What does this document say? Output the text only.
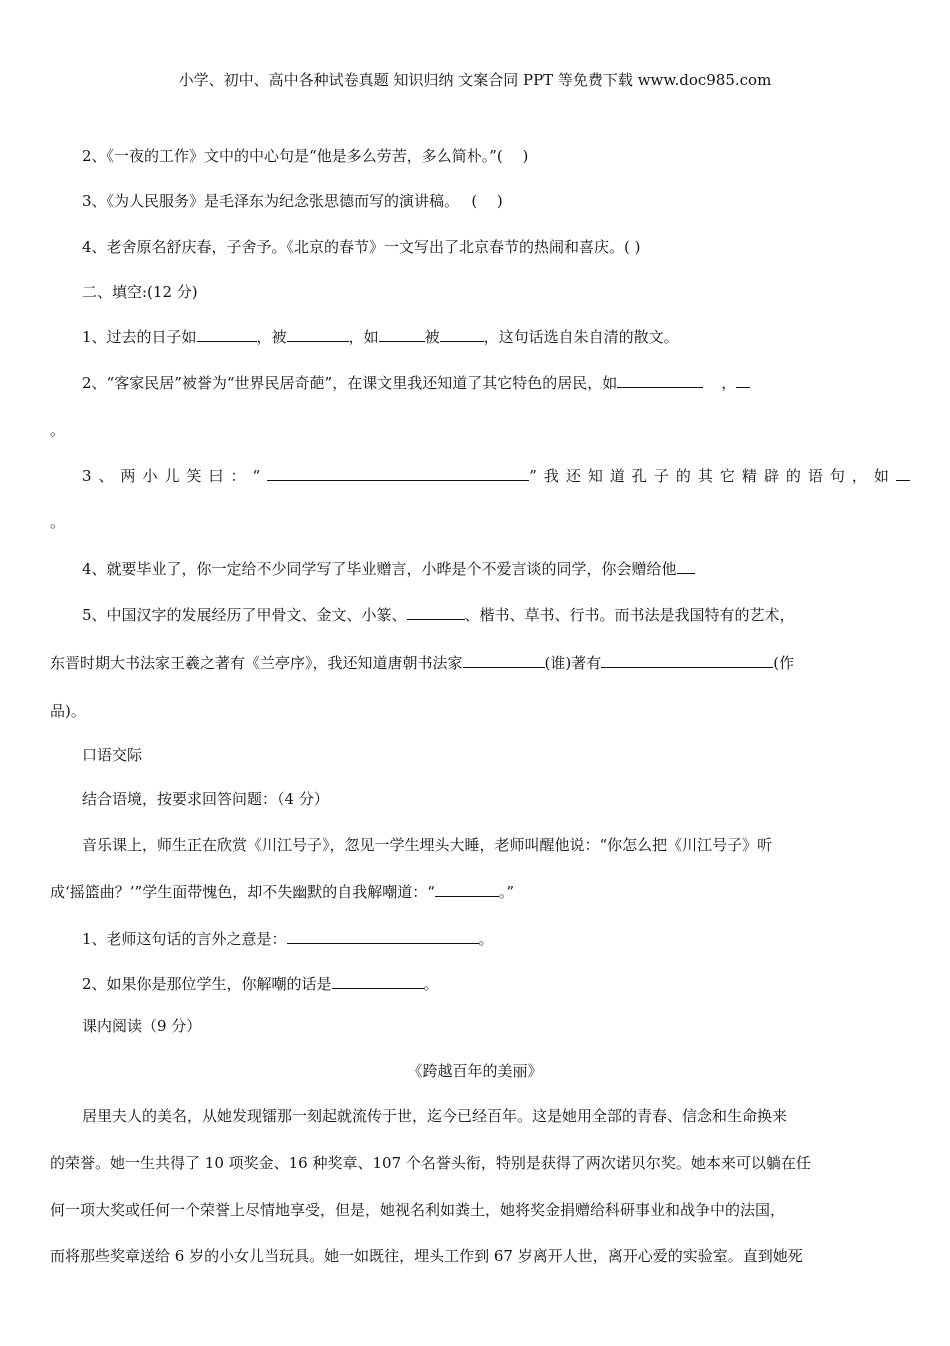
小学、初中、高中各种试卷真题 知识归纳 文案合同 PPT 等免费下载 www.doc985.com
2、《一夜的工作》文中的中心句是“他是多么劳苦，多么简朴。”(　 )
3、《为人民服务》是毛泽东为纪念张思德而写的演讲稿。　 (　 )
4、老舍原名舒庆春，子舍予。《北京的春节》一文写出了北京春节的热闹和喜庆。( )
二、填空:(12 分)
1、过去的日子如	，被	，如	被	，这句话选自朱自清的散文。
2、“客家民居”被誉为“世界民居奇葩”，在课文里我还知道了其它特色的居民，如	，
。
3、两小儿笑曰：“	”我还知道孔子的其它精辟的语句，如
。
4、就要毕业了，你一定给不少同学写了毕业赠言，小晔是个不爱言谈的同学，你会赠给他
5、中国汉字的发展经历了甲骨文、金文、小篆、	、楷书、草书、行书。而书法是我国特有的艺术，
东晋时期大书法家王羲之著有《兰亭序》，我还知道唐朝书法家	(谁)著有	(作
品)。
口语交际
结合语境，按要求回答问题：（4 分）
音乐课上，师生正在欣赏《川江号子》，忽见一学生埋头大睡，老师叫醒他说：“你怎么把《川江号子》听
成‘摇篮曲？’”学生面带愧色，却不失幽默的自我解嘲道：“	。”
1、老师这句话的言外之意是：	。
2、如果你是那位学生，你解嘲的话是	。
课内阅读（9 分）
《跨越百年的美丽》
居里夫人的美名，从她发现镭那一刻起就流传于世，迄今已经百年。这是她用全部的青春、信念和生命换来
的荣誉。她一生共得了 10 项奖金、16 种奖章、107 个名誉头衔，特别是获得了两次诺贝尔奖。她本来可以躺在任
何一项大奖或任何一个荣誉上尽情地享受，但是，她视名利如粪土，她将奖金捐赠给科研事业和战争中的法国，
而将那些奖章送给 6 岁的小女儿当玩具。她一如既往，埋头工作到 67 岁离开人世，离开心爱的实验室。直到她死
